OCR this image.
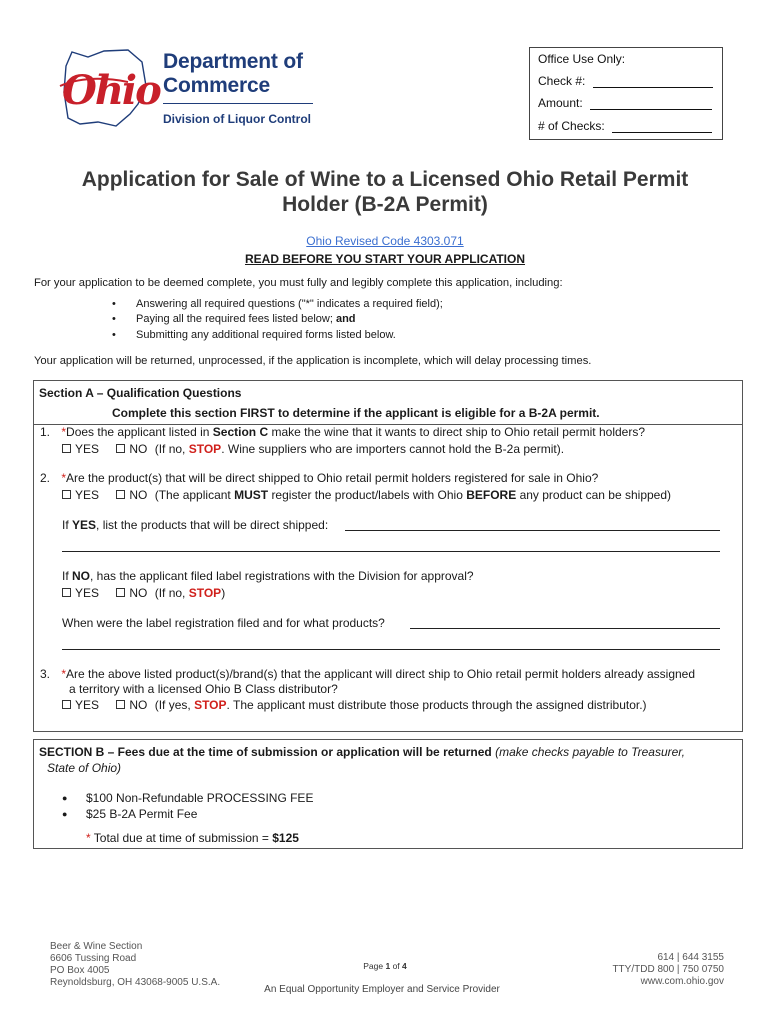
Ohio
Department of
Commerce
Division of Liquor Control
Office Use Only:
Check #:
Amount:
# of Checks:
Application for Sale of Wine to a Licensed Ohio Retail Permit
Holder (B-2A Permit)
Ohio Revised Code 4303.071
READ BEFORE YOU START YOUR APPLICATION
For your application to be deemed complete, you must fully and legibly complete this application, including:
• Answering all required questions ("*" indicates a required field);
• Paying all the required fees listed below; and
• Submitting any additional required forms listed below.
Your application will be returned, unprocessed, if the application is incomplete, which will delay processing times.
Section A – Qualification Questions
Complete this section FIRST to determine if the applicant is eligible for a B-2A permit.
1. *Does the applicant listed in Section C make the wine that it wants to direct ship to Ohio retail permit holders?
YES	NO (If no, STOP. Wine suppliers who are importers cannot hold the B-2a permit).
2. *Are the product(s) that will be direct shipped to Ohio retail permit holders registered for sale in Ohio?
YES	NO (The applicant MUST register the product/labels with Ohio BEFORE any product can be shipped)
If YES, list the products that will be direct shipped:
If NO, has the applicant filed label registrations with the Division for approval?
YES	NO (If no, STOP)
When were the label registration filed and for what products?
3. *Are the above listed product(s)/brand(s) that the applicant will direct ship to Ohio retail permit holders already assigned
a territory with a licensed Ohio B Class distributor?
YES	NO (If yes, STOP. The applicant must distribute those products through the assigned distributor.)
SECTION B – Fees due at the time of submission or application will be returned (make checks payable to Treasurer,
State of Ohio)
● $100 Non-Refundable PROCESSING FEE
● $25 B-2A Permit Fee
* Total due at time of submission = $125
Beer & Wine Section
6606 Tussing Road
PO Box 4005
Reynoldsburg, OH 43068-9005 U.S.A.
Page 1 of 4
An Equal Opportunity Employer and Service Provider
614 | 644 3155
TTY/TDD 800 | 750 0750
www.com.ohio.gov
